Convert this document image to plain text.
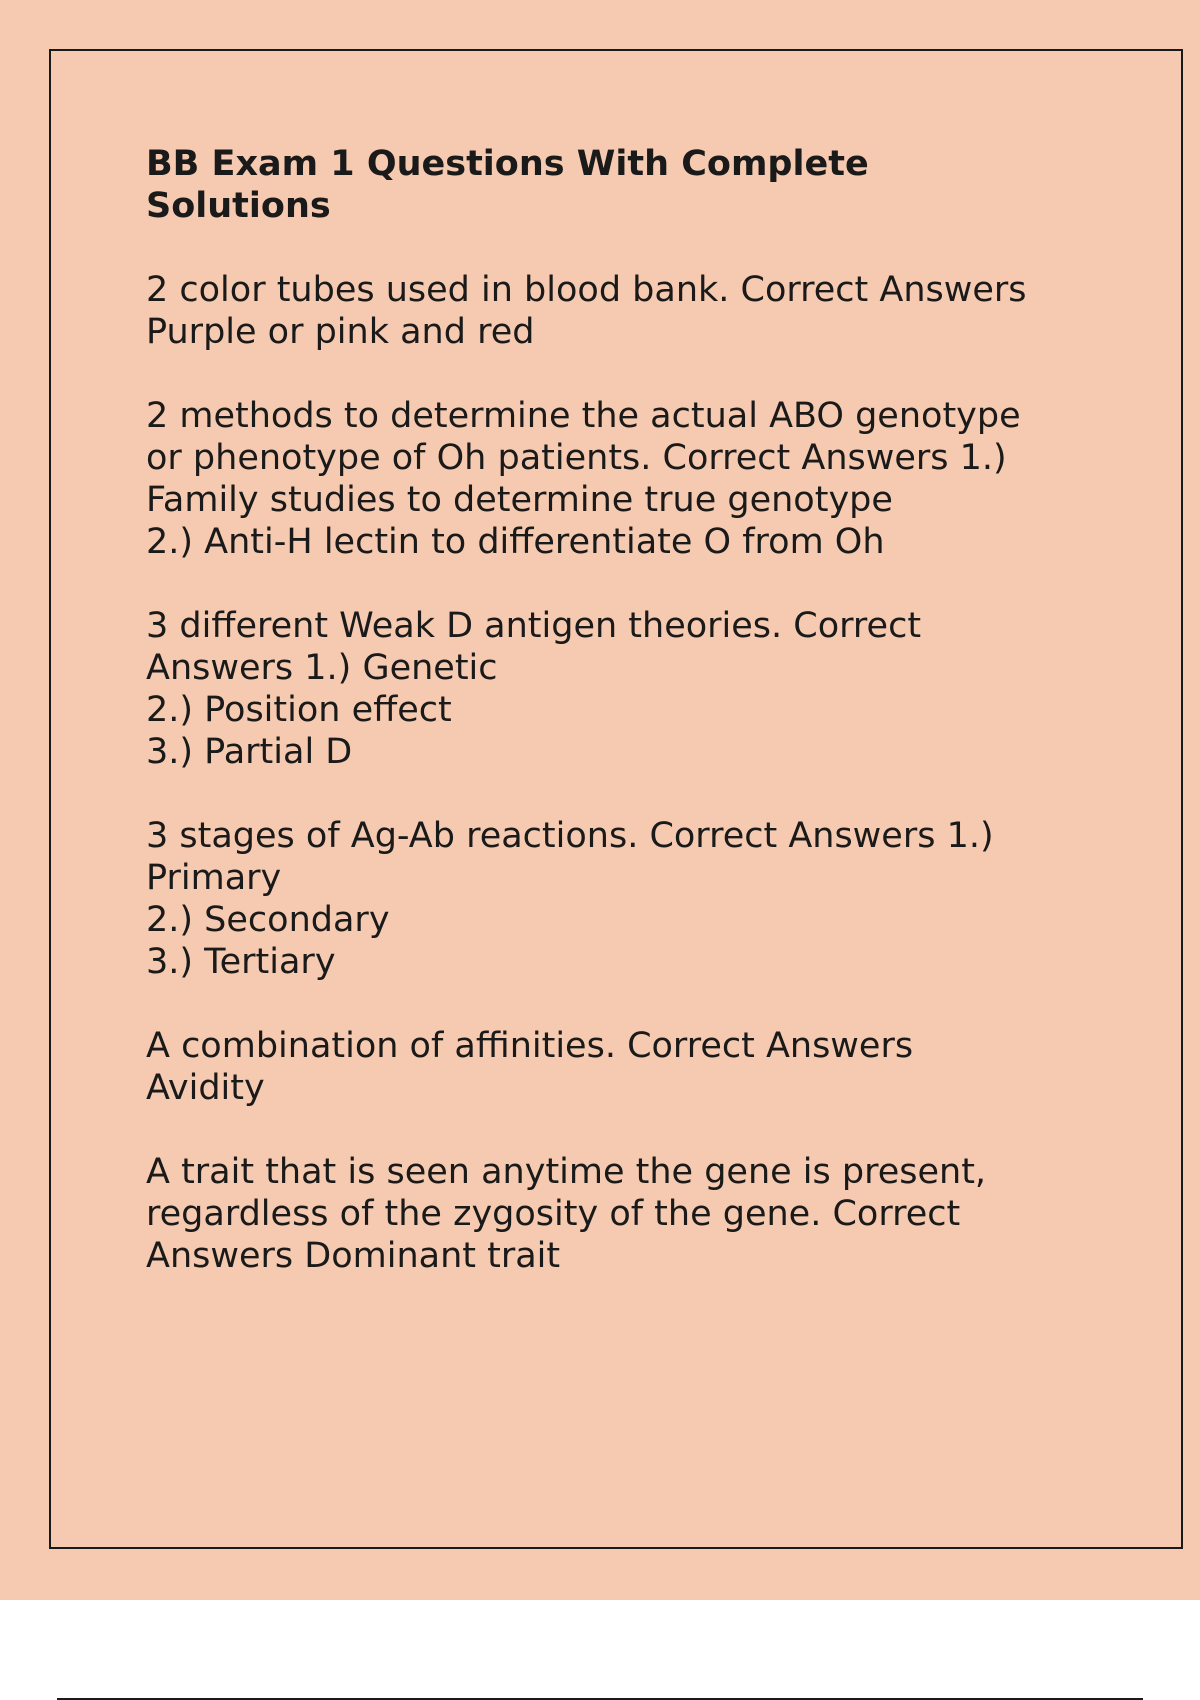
BB Exam 1 Questions With Complete Solutions
2 color tubes used in blood bank. Correct Answers
Purple or pink and red
2 methods to determine the actual ABO genotype
or phenotype of Oh patients. Correct Answers 1.)
Family studies to determine true genotype
2.) Anti-H lectin to differentiate O from Oh
3 different Weak D antigen theories. Correct
Answers 1.) Genetic
2.) Position effect
3.) Partial D
3 stages of Ag-Ab reactions. Correct Answers 1.)
Primary
2.) Secondary
3.) Tertiary
A combination of affinities. Correct Answers
Avidity
A trait that is seen anytime the gene is present,
regardless of the zygosity of the gene. Correct
Answers Dominant trait
